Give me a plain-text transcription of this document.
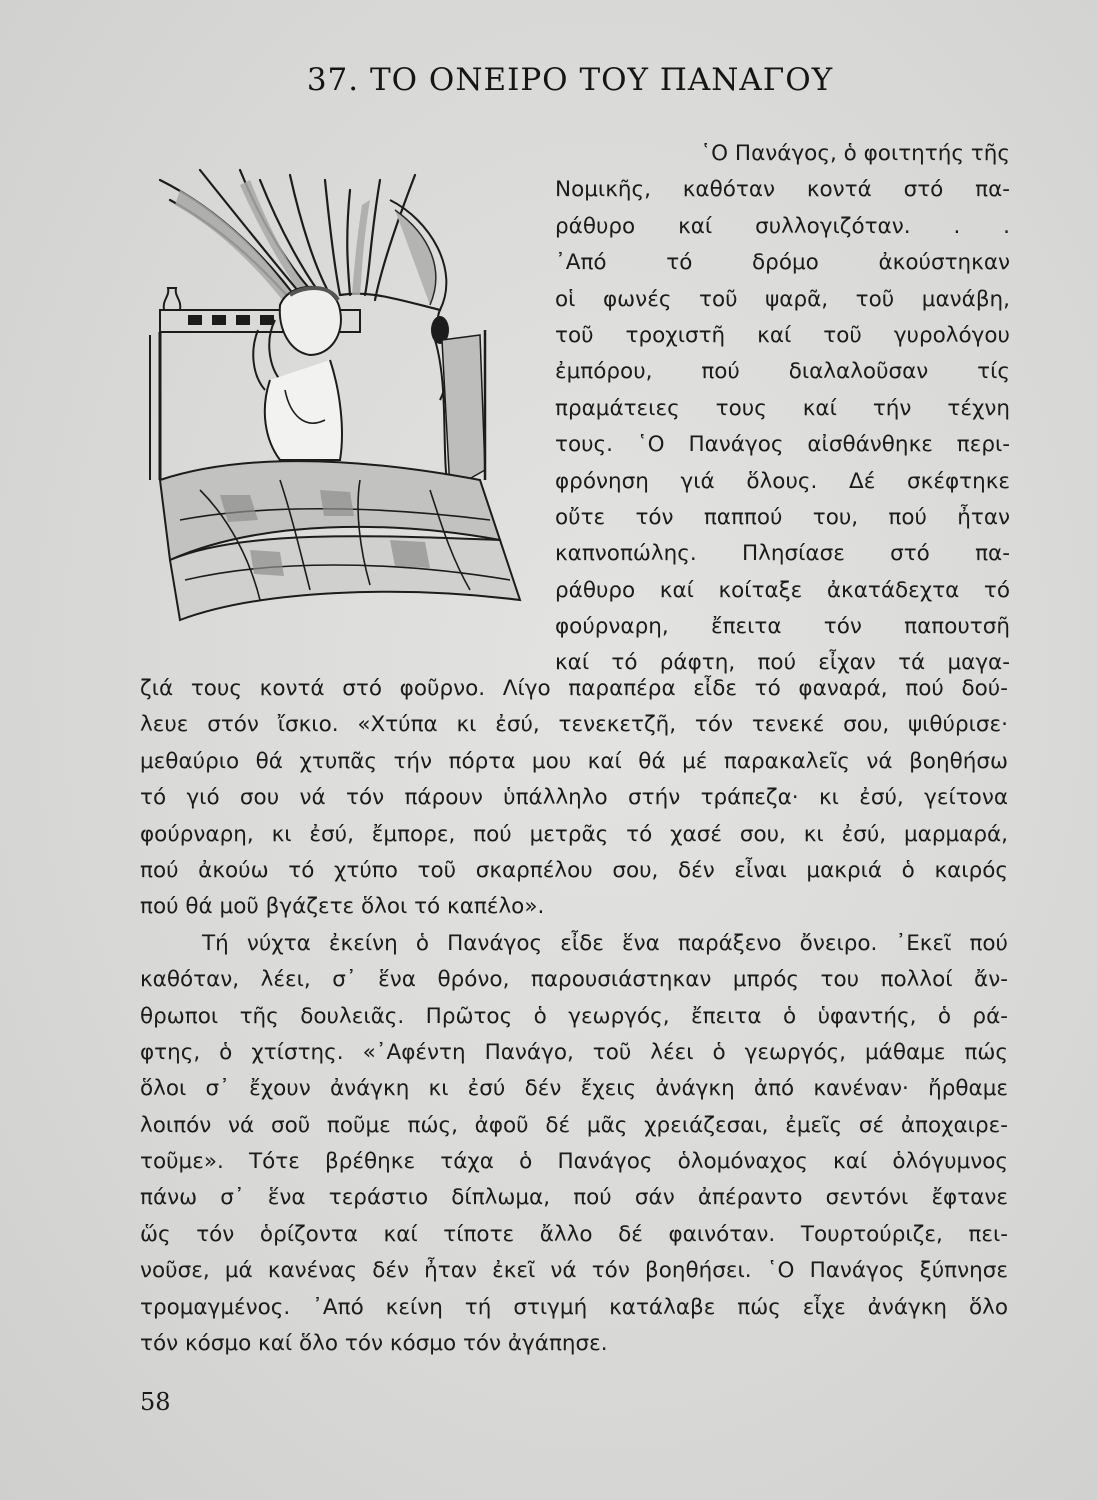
37. ΤΟ ΟΝΕΙΡΟ ΤΟΥ ΠΑΝΑΓΟΥ
῾Ο Πανάγος, ὁ φοιτητής τῆς
Νομικῆς, καθόταν κοντά στό πα-
ράθυρο καί συλλογιζόταν. . .
᾿Από τό δρόμο ἀκούστηκαν
οἱ φωνές τοῦ ψαρᾶ, τοῦ μανάβη,
τοῦ τροχιστῆ καί τοῦ γυρολόγου
ἐμπόρου, πού διαλαλοῦσαν τίς
πραμάτειες τους καί τήν τέχνη
τους. ῾Ο Πανάγος αἰσθάνθηκε περι-
φρόνηση γιά ὅλους. Δέ σκέφτηκε
οὔτε τόν παππού του, πού ἦταν
καπνοπώλης. Πλησίασε στό πα-
ράθυρο καί κοίταξε ἀκατάδεχτα τό
φούρναρη, ἔπειτα τόν παπουτσῆ
καί τό ράφτη, πού εἶχαν τά μαγα-
ζιά τους κοντά στό φοῦρνο. Λίγο παραπέρα εἶδε τό φαναρά, πού δού-
λευε στόν ἴσκιο. «Χτύπα κι ἐσύ, τενεκετζῆ, τόν τενεκέ σου, ψιθύρισε·
μεθαύριο θά χτυπᾶς τήν πόρτα μου καί θά μέ παρακαλεῖς νά βοηθήσω
τό γιό σου νά τόν πάρουν ὑπάλληλο στήν τράπεζα· κι ἐσύ, γείτονα
φούρναρη, κι ἐσύ, ἔμπορε, πού μετρᾶς τό χασέ σου, κι ἐσύ, μαρμαρά,
πού ἀκούω τό χτύπο τοῦ σκαρπέλου σου, δέν εἶναι μακριά ὁ καιρός
πού θά μοῦ βγάζετε ὅλοι τό καπέλο».
Τή νύχτα ἐκείνη ὁ Πανάγος εἶδε ἕνα παράξενο ὄνειρο. ᾿Εκεῖ πού
καθόταν, λέει, σ᾿ ἕνα θρόνο, παρουσιάστηκαν μπρός του πολλοί ἄν-
θρωποι τῆς δουλειᾶς. Πρῶτος ὁ γεωργός, ἔπειτα ὁ ὑφαντής, ὁ ρά-
φτης, ὁ χτίστης. «᾿Αφέντη Πανάγο, τοῦ λέει ὁ γεωργός, μάθαμε πώς
ὅλοι σ᾿ ἔχουν ἀνάγκη κι ἐσύ δέν ἔχεις ἀνάγκη ἀπό κανέναν· ἤρθαμε
λοιπόν νά σοῦ ποῦμε πώς, ἀφοῦ δέ μᾶς χρειάζεσαι, ἐμεῖς σέ ἀποχαιρε-
τοῦμε». Τότε βρέθηκε τάχα ὁ Πανάγος ὁλομόναχος καί ὁλόγυμνος
πάνω σ᾿ ἕνα τεράστιο δίπλωμα, πού σάν ἀπέραντο σεντόνι ἔφτανε
ὥς τόν ὁρίζοντα καί τίποτε ἄλλο δέ φαινόταν. Τουρτούριζε, πει-
νοῦσε, μά κανένας δέν ἦταν ἐκεῖ νά τόν βοηθήσει. ῾Ο Πανάγος ξύπνησε
τρομαγμένος. ᾿Από κείνη τή στιγμή κατάλαβε πώς εἶχε ἀνάγκη ὅλο
τόν κόσμο καί ὅλο τόν κόσμο τόν ἀγάπησε.
58
